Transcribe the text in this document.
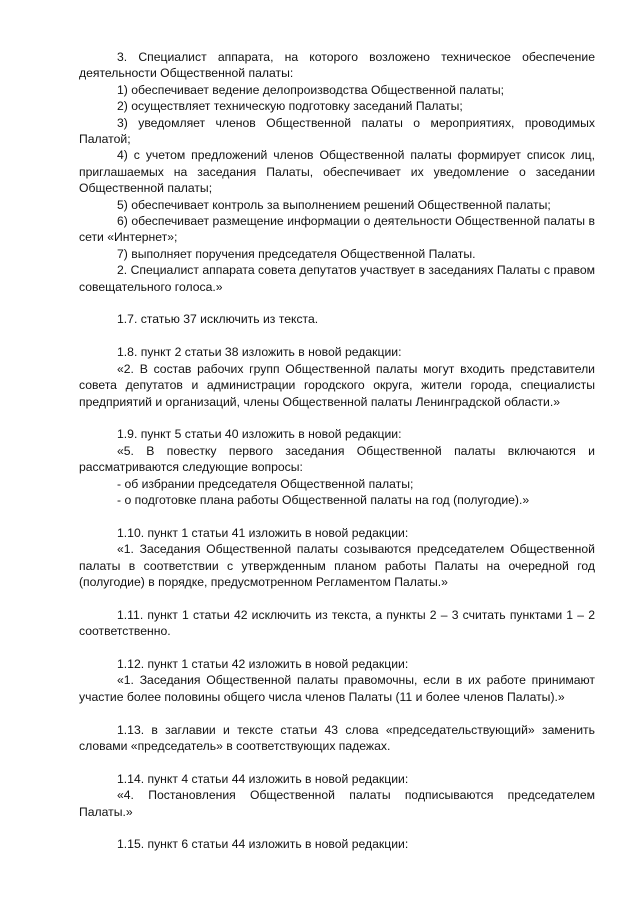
3. Специалист аппарата, на которого возложено техническое обеспечение деятельности Общественной палаты:

1) обеспечивает ведение делопроизводства Общественной палаты;

2) осуществляет техническую подготовку заседаний Палаты;

3) уведомляет членов Общественной палаты о мероприятиях, проводимых Палатой;

4) с учетом предложений членов Общественной палаты формирует список лиц, приглашаемых на заседания Палаты, обеспечивает их уведомление о заседании Общественной палаты;

5) обеспечивает контроль за выполнением решений Общественной палаты;

6) обеспечивает размещение информации о деятельности Общественной палаты в сети «Интернет»;

7) выполняет поручения председателя Общественной Палаты.

2. Специалист аппарата совета депутатов участвует в заседаниях Палаты с правом совещательного голоса.»

1.7. статью 37 исключить из текста.

1.8. пункт 2 статьи 38 изложить в новой редакции:

«2. В состав рабочих групп Общественной палаты могут входить представители совета депутатов и администрации городского округа, жители города, специалисты предприятий и организаций, члены Общественной палаты Ленинградской области.»

1.9. пункт 5 статьи 40 изложить в новой редакции:

«5. В повестку первого заседания Общественной палаты включаются и рассматриваются следующие вопросы:

- об избрании председателя Общественной палаты;

- о подготовке плана работы Общественной палаты на год (полугодие).»

1.10. пункт 1 статьи 41 изложить в новой редакции:

«1. Заседания Общественной палаты созываются председателем Общественной палаты в соответствии с утвержденным планом работы Палаты на очередной год (полугодие) в порядке, предусмотренном Регламентом Палаты.»

1.11. пункт 1 статьи 42 исключить из текста, а пункты 2 – 3 считать пунктами 1 – 2 соответственно.

1.12. пункт 1 статьи 42 изложить в новой редакции:

«1. Заседания Общественной палаты правомочны, если в их работе принимают участие более половины общего числа членов Палаты (11 и более членов Палаты).»

1.13. в заглавии и тексте статьи 43 слова «председательствующий» заменить словами «председатель» в соответствующих падежах.

1.14. пункт 4 статьи 44 изложить в новой редакции:

«4. Постановления Общественной палаты подписываются председателем Палаты.»

1.15. пункт 6 статьи 44 изложить в новой редакции:
